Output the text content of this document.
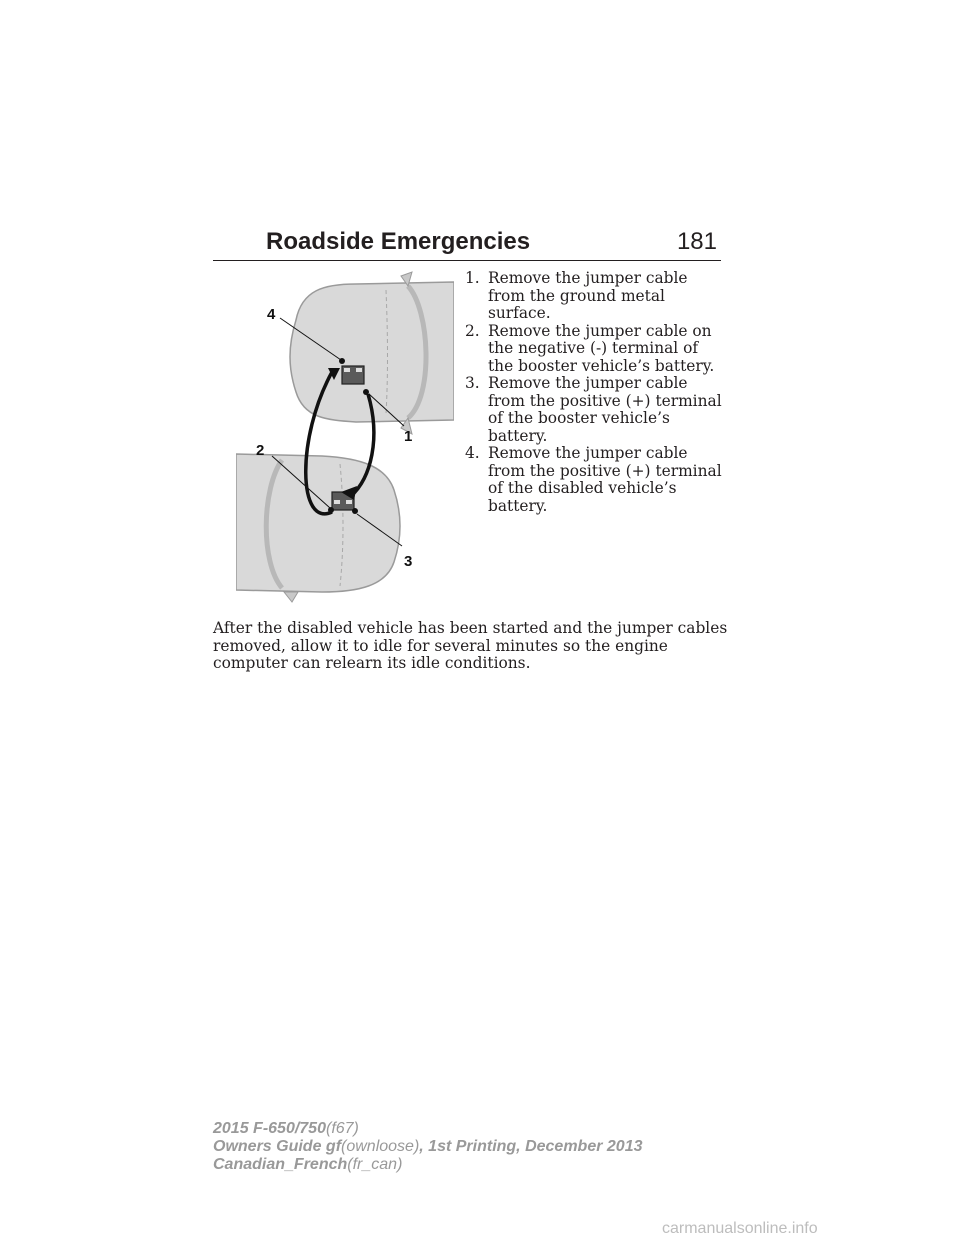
Roadside Emergencies	181
4
1
2
3
1. Remove the jumper cable from the ground metal surface.
2. Remove the jumper cable on the negative (-) terminal of the booster vehicle’s battery.
3. Remove the jumper cable from the positive (+) terminal of the booster vehicle’s battery.
4. Remove the jumper cable from the positive (+) terminal of the disabled vehicle’s battery.

After the disabled vehicle has been started and the jumper cables removed, allow it to idle for several minutes so the engine computer can relearn its idle conditions.

2015 F-650/750(f67)
Owners Guide gf(ownloose), 1st Printing, December 2013
Canadian_French(fr_can)
carmanualsonline.info
